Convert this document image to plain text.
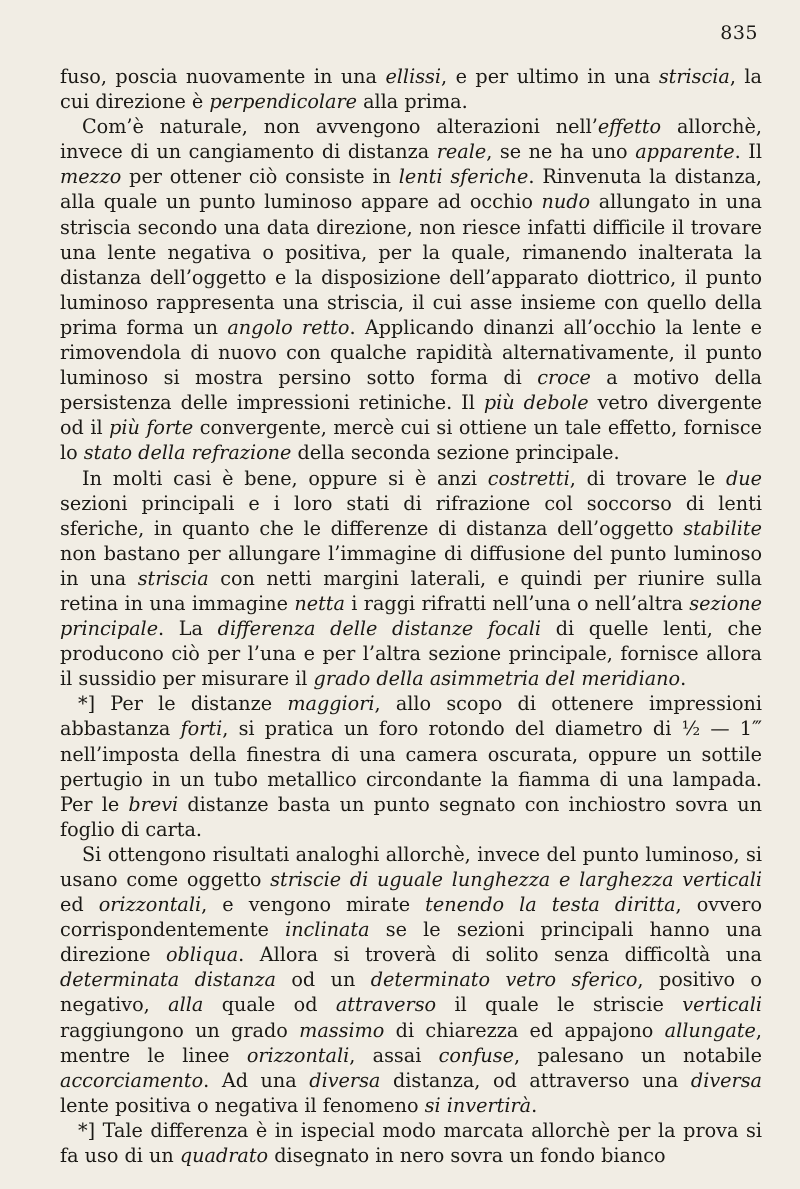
835

fuso, poscia nuovamente in una ellissi, e per ultimo in una striscia, la cui direzione è perpendicolare alla prima.

Com’è naturale, non avvengono alterazioni nell’effetto allorchè, invece di un cangiamento di distanza reale, se ne ha uno apparente. Il mezzo per ottener ciò consiste in lenti sferiche. Rinvenuta la distanza, alla quale un punto luminoso appare ad occhio nudo allungato in una striscia secondo una data direzione, non riesce infatti difficile il trovare una lente negativa o positiva, per la quale, rimanendo inalterata la distanza dell’oggetto e la disposizione dell’apparato diottrico, il punto luminoso rappresenta una striscia, il cui asse insieme con quello della prima forma un angolo retto. Applicando dinanzi all’occhio la lente e rimovendola di nuovo con qualche rapidità alternativamente, il punto luminoso si mostra persino sotto forma di croce a motivo della persistenza delle impressioni retiniche. Il più debole vetro divergente od il più forte convergente, mercè cui si ottiene un tale effetto, fornisce lo stato della refrazione della seconda sezione principale.

In molti casi è bene, oppure si è anzi costretti, di trovare le due sezioni principali e i loro stati di rifrazione col soccorso di lenti sferiche, in quanto che le differenze di distanza dell’oggetto stabilite non bastano per allungare l’immagine di diffusione del punto luminoso in una striscia con netti margini laterali, e quindi per riunire sulla retina in una immagine netta i raggi rifratti nell’una o nell’altra sezione principale. La differenza delle distanze focali di quelle lenti, che producono ciò per l’una e per l’altra sezione principale, fornisce allora il sussidio per misurare il grado della asimmetria del meridiano.

*] Per le distanze maggiori, allo scopo di ottenere impressioni abbastanza forti, si pratica un foro rotondo del diametro di ½ — 1‴ nell’imposta della finestra di una camera oscurata, oppure un sottile pertugio in un tubo metallico circondante la fiamma di una lampada. Per le brevi distanze basta un punto segnato con inchiostro sovra un foglio di carta.

Si ottengono risultati analoghi allorchè, invece del punto luminoso, si usano come oggetto striscie di uguale lunghezza e larghezza verticali ed orizzontali, e vengono mirate tenendo la testa diritta, ovvero corrispondentemente inclinata se le sezioni principali hanno una direzione obliqua. Allora si troverà di solito senza difficoltà una determinata distanza od un determinato vetro sferico, positivo o negativo, alla quale od attraverso il quale le striscie verticali raggiungono un grado massimo di chiarezza ed appajono allungate, mentre le linee orizzontali, assai confuse, palesano un notabile accorciamento. Ad una diversa distanza, od attraverso una diversa lente positiva o negativa il fenomeno si invertirà.

*] Tale differenza è in ispecial modo marcata allorchè per la prova si fa uso di un quadrato disegnato in nero sovra un fondo bianco
